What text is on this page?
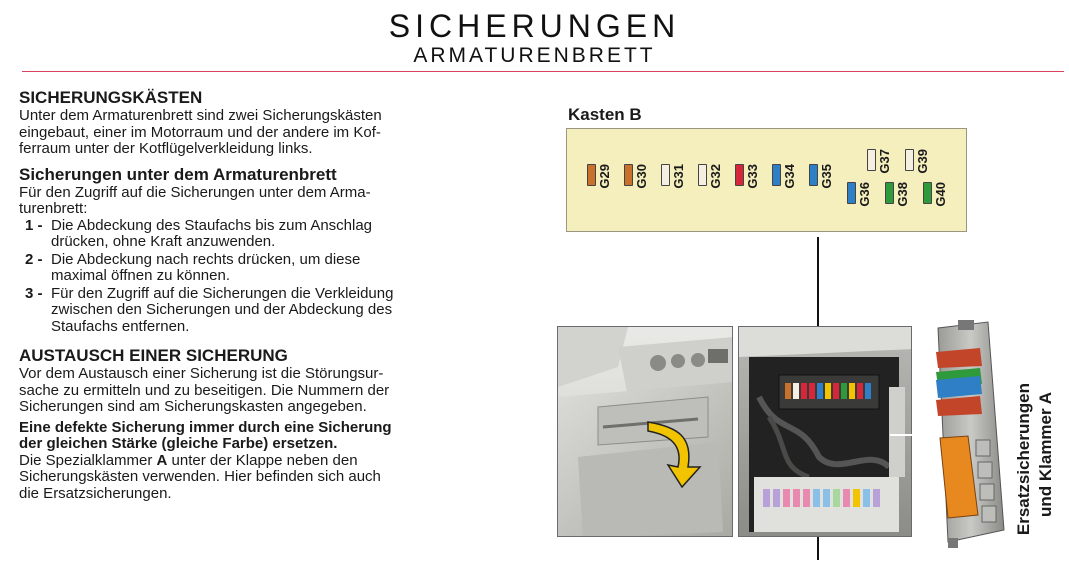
SICHERUNGEN
ARMATURENBRETT
SICHERUNGSKÄSTEN
Unter dem Armaturenbrett sind zwei Sicherungskästen
eingebaut, einer im Motorraum und der andere im Kof-
ferraum unter der Kotflügelverkleidung links.
Sicherungen unter dem Armaturenbrett
Für den Zugriff auf die Sicherungen unter dem Arma-
turenbrett:
1 - Die Abdeckung des Staufachs bis zum Anschlag
drücken, ohne Kraft anzuwenden.
2 - Die Abdeckung nach rechts drücken, um diese
maximal öffnen zu können.
3 - Für den Zugriff auf die Sicherungen die Verkleidung
zwischen den Sicherungen und der Abdeckung des
Staufachs entfernen.
AUSTAUSCH EINER SICHERUNG
Vor dem Austausch einer Sicherung ist die Störungsur-
sache zu ermitteln und zu beseitigen. Die Nummern der
Sicherungen sind am Sicherungskasten angegeben.
Eine defekte Sicherung immer durch eine Sicherung
der gleichen Stärke (gleiche Farbe) ersetzen.
Die Spezialklammer A unter der Klappe neben den
Sicherungskästen verwenden. Hier befinden sich auch
die Ersatzsicherungen.
Kasten B
G29 G30 G31 G32 G33 G34 G35
G36
G37
G38
G39
G40
Ersatzsicherungen und Klammer A
